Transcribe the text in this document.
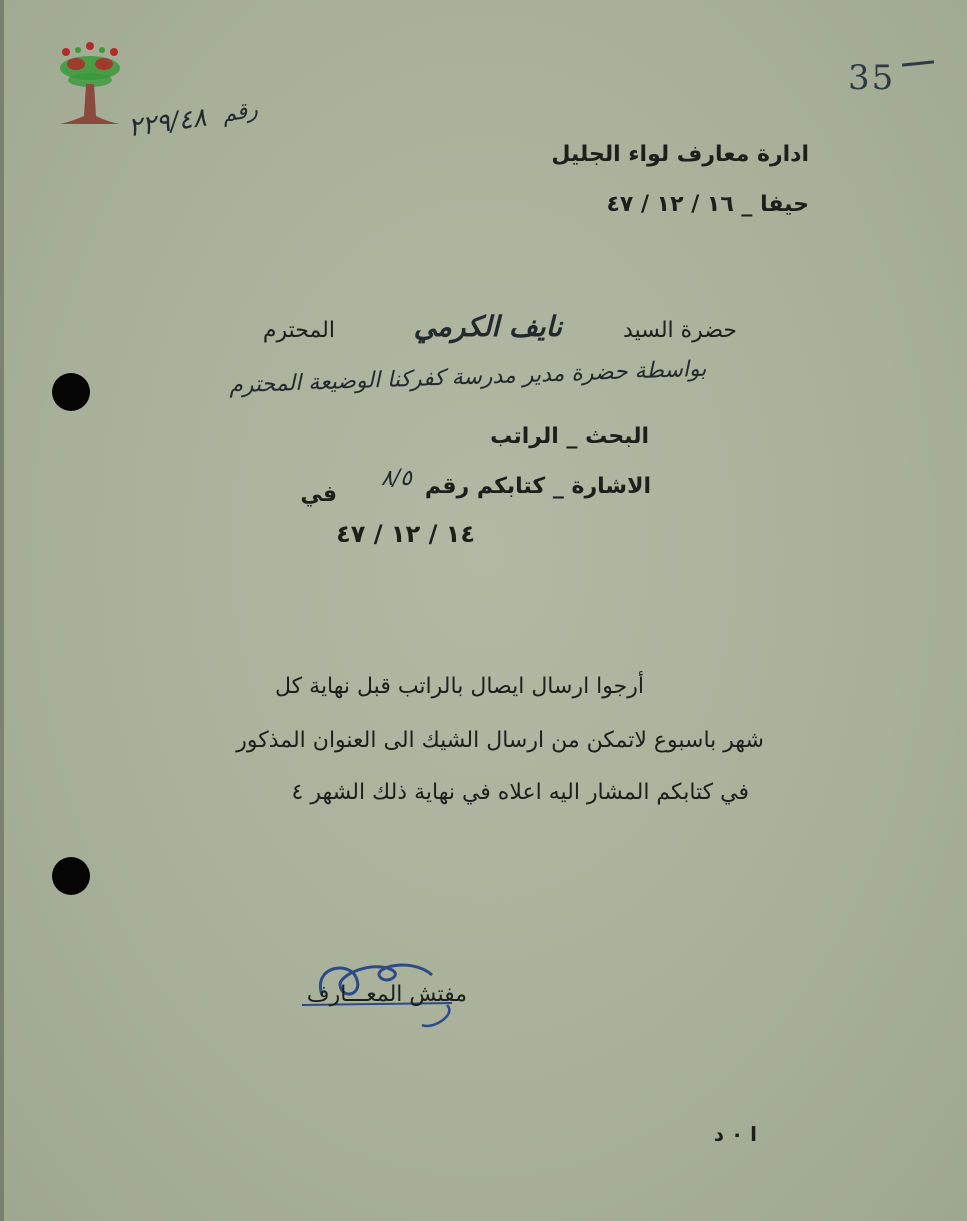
رقم
٢٢٩/٤٨
35
ادارة معارف لواء الجليل
حيفا _ ١٦ / ١٢ / ٤٧
حضرة السيد
نايف الكرمي
المحترم
بواسطة حضرة مدير مدرسة كفركنا الوضيعة المحترم
البحث _ الراتب
الاشارة _ كتابكم رقم
٨/٥
في
١٤ / ١٢ / ٤٧
أرجوا ارسال ايصال بالراتب قبل نهاية كل
شهر باسبوع لاتمكن من ارسال الشيك الى العنوان المذكور
في كتابكم المشار اليه اعلاه في نهاية ذلك الشهر ٤
مفتش المعـــارف
ا ٠ د
